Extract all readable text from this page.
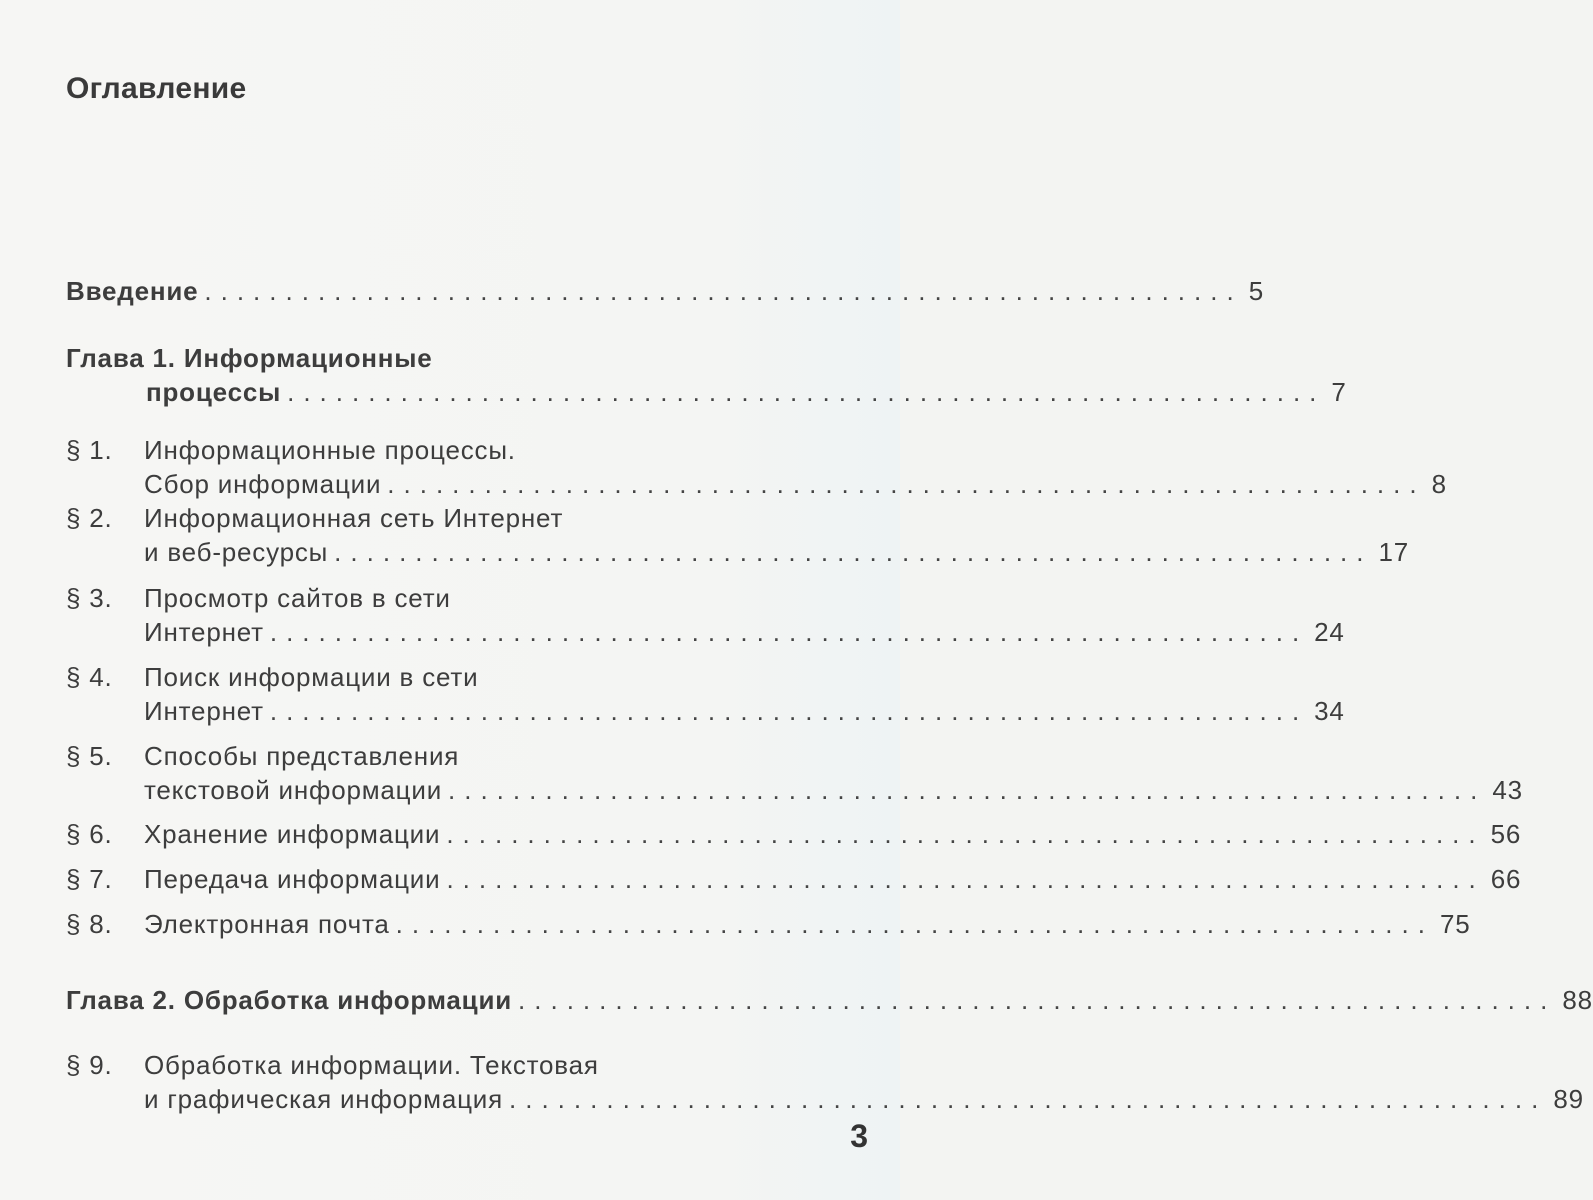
Оглавление
Введение ................................................................ 5
Глава 1. Информационные
процессы ................................................................ 7
§ 1.	Информационные процессы.
Сбор информации ................................................................ 8
§ 2.	Информационная сеть Интернет
и веб-ресурсы ................................................................ 17
§ 3.	Просмотр сайтов в сети
Интернет ................................................................ 24
§ 4.	Поиск информации в сети
Интернет ................................................................ 34
§ 5.	Способы представления
текстовой информации ................................................................ 43
§ 6.	Хранение информации ................................................................ 56
§ 7.	Передача информации ................................................................ 66
§ 8.	Электронная почта ................................................................ 75
Глава 2. Обработка информации ................................................................ 88
§ 9.	Обработка информации. Текстовая
и графическая информация ................................................................ 89
3
